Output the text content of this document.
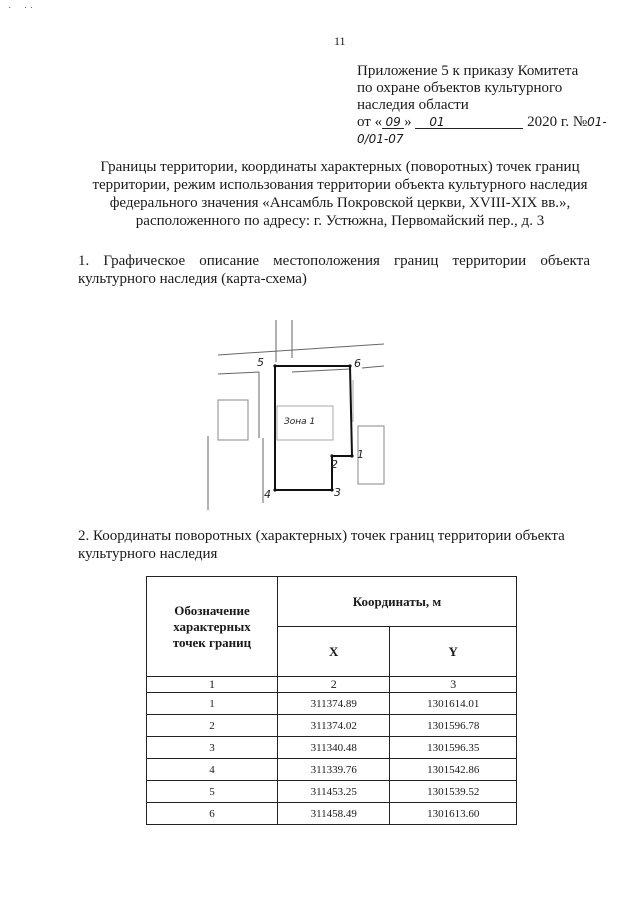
˙     ˙ ˙
11
Приложение 5 к приказу Комитета
по охране объектов культурного
наследия области
от « 09 » 01	2020 г. №01-0/01-07
Границы территории, координаты характерных (поворотных) точек границ
территории, режим использования территории объекта культурного наследия
федерального значения «Ансамбль Покровской церкви, XVIII-XIX вв.»,
расположенного по адресу: г. Устюжна, Первомайский пер., д. 3
1. Графическое описание местоположения границ территории объекта культурного наследия (карта-схема)
Зона 1
1
2
3
4
5	6
2. Координаты поворотных (характерных) точек границ территории объекта культурного наследия
Обозначение
характерных
точек границ	Координаты, м	
	X	Y
1	2	3
1	311374.89	1301614.01
2	311374.02	1301596.78
3	311340.48	1301596.35
4	311339.76	1301542.86
5	311453.25	1301539.52
6	311458.49	1301613.60
